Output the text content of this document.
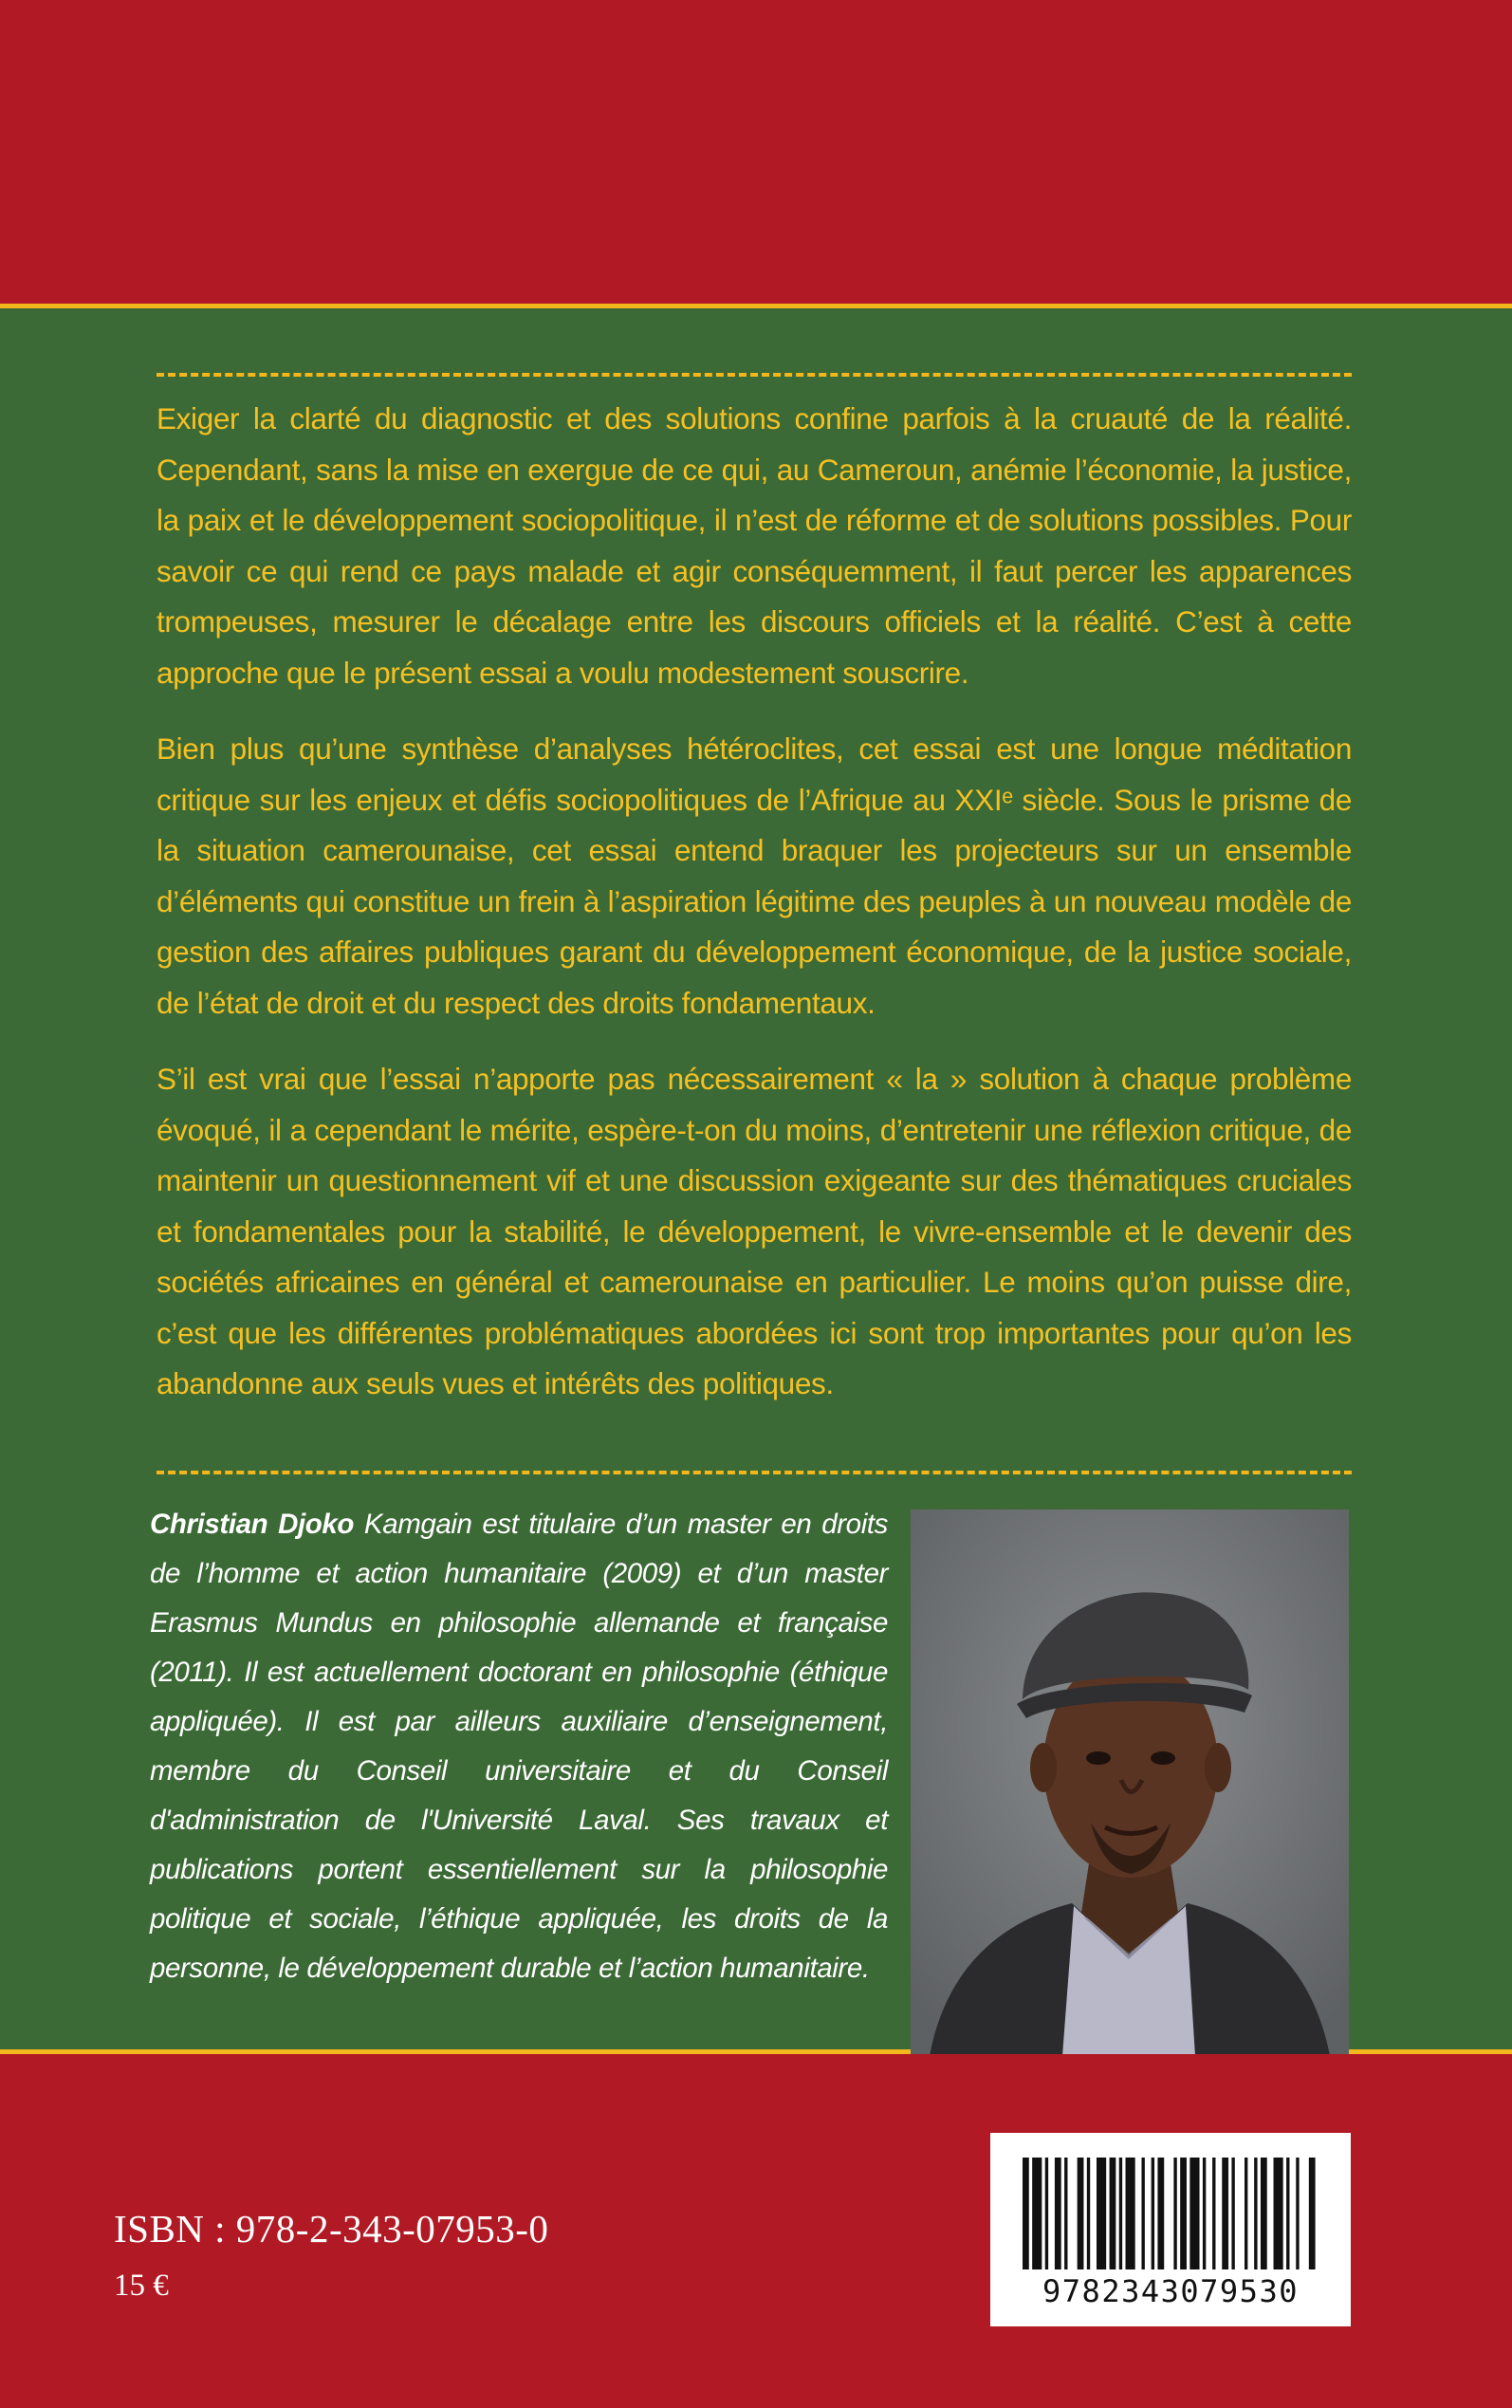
Exiger la clarté du diagnostic et des solutions confine parfois à la cruauté de la réalité. Cependant, sans la mise en exergue de ce qui, au Cameroun, anémie l’économie, la justice, la paix et le développement sociopolitique, il n’est de réforme et de solutions possibles. Pour savoir ce qui rend ce pays malade et agir conséquemment, il faut percer les apparences trompeuses, mesurer le décalage entre les discours officiels et la réalité. C’est à cette approche que le présent essai a voulu modestement souscrire.

Bien plus qu’une synthèse d’analyses hétéroclites, cet essai est une longue méditation critique sur les enjeux et défis sociopolitiques de l’Afrique au XXIᵉ siècle. Sous le prisme de la situation camerounaise, cet essai entend braquer les projecteurs sur un ensemble d’éléments qui constitue un frein à l’aspiration légitime des peuples à un nouveau modèle de gestion des affaires publiques garant du développement économique, de la justice sociale, de l’état de droit et du respect des droits fondamentaux.

S’il est vrai que l’essai n’apporte pas nécessairement « la » solution à chaque problème évoqué, il a cependant le mérite, espère-t-on du moins, d’entretenir une réflexion critique, de maintenir un questionnement vif et une discussion exigeante sur des thématiques cruciales et fondamentales pour la stabilité, le développement, le vivre-ensemble et le devenir des sociétés africaines en général et camerounaise en particulier. Le moins qu’on puisse dire, c’est que les différentes problématiques abordées ici sont trop importantes pour qu’on les abandonne aux seuls vues et intérêts des politiques.

Christian Djoko Kamgain est titulaire d’un master en droits de l’homme et action humanitaire (2009) et d’un master Erasmus Mundus en philosophie allemande et française (2011). Il est actuellement doctorant en philosophie (éthique appliquée). Il est par ailleurs auxiliaire d’enseignement, membre du Conseil universitaire et du Conseil d'administration de l'Université Laval. Ses travaux et publications portent essentiellement sur la philosophie politique et sociale, l’éthique appliquée, les droits de la personne, le développement durable et l’action humanitaire.
ISBN : 978-2-343-07953-0
15 €	9782343079530
